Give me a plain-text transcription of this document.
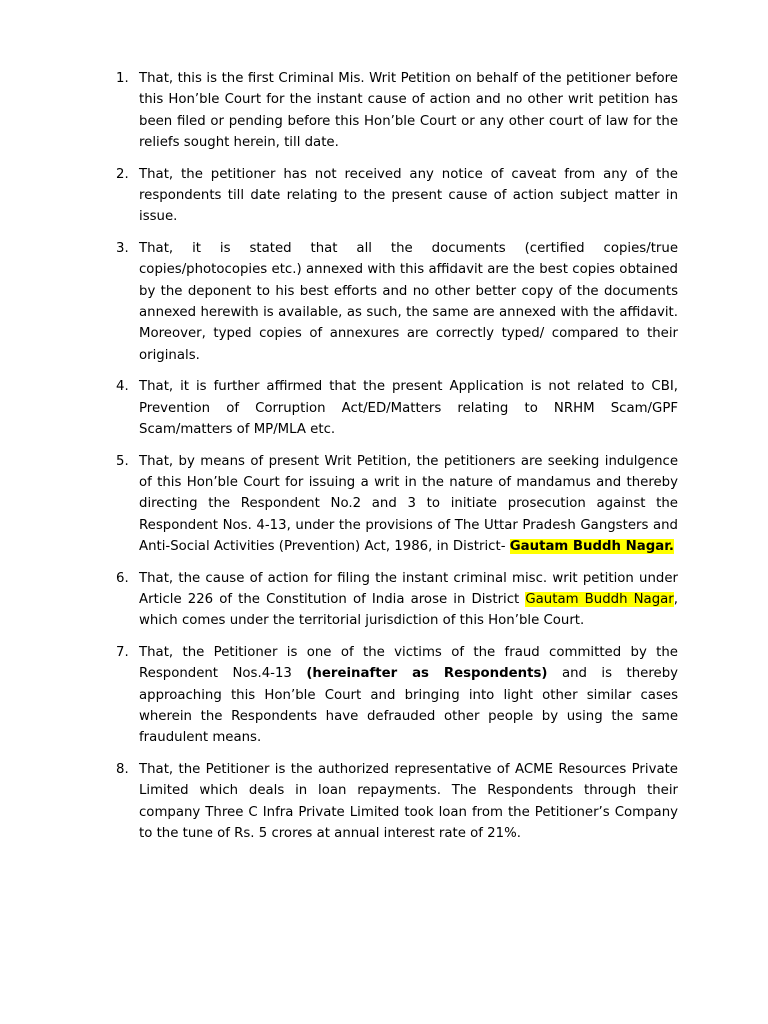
1. That, this is the first Criminal Mis. Writ Petition on behalf of the petitioner before this Hon’ble Court for the instant cause of action and no other writ petition has been filed or pending before this Hon’ble Court or any other court of law for the reliefs sought herein, till date.

2. That, the petitioner has not received any notice of caveat from any of the respondents till date relating to the present cause of action subject matter in issue.

3. That, it is stated that all the documents (certified copies/true copies/photocopies etc.) annexed with this affidavit are the best copies obtained by the deponent to his best efforts and no other better copy of the documents annexed herewith is available, as such, the same are annexed with the affidavit. Moreover, typed copies of annexures are correctly typed/ compared to their originals.

4. That, it is further affirmed that the present Application is not related to CBI, Prevention of Corruption Act/ED/Matters relating to NRHM Scam/GPF Scam/matters of MP/MLA etc.

5. That, by means of present Writ Petition, the petitioners are seeking indulgence of this Hon’ble Court for issuing a writ in the nature of mandamus and thereby directing the Respondent No.2 and 3 to initiate prosecution against the Respondent Nos. 4-13, under the provisions of The Uttar Pradesh Gangsters and Anti-Social Activities (Prevention) Act, 1986, in District- Gautam Buddh Nagar.

6. That, the cause of action for filing the instant criminal misc. writ petition under Article 226 of the Constitution of India arose in District Gautam Buddh Nagar, which comes under the territorial jurisdiction of this Hon’ble Court.

7. That, the Petitioner is one of the victims of the fraud committed by the Respondent Nos.4-13 (hereinafter as Respondents) and is thereby approaching this Hon’ble Court and bringing into light other similar cases wherein the Respondents have defrauded other people by using the same fraudulent means.

8. That, the Petitioner is the authorized representative of ACME Resources Private Limited which deals in loan repayments. The Respondents through their company Three C Infra Private Limited took loan from the Petitioner’s Company to the tune of Rs. 5 crores at annual interest rate of 21%.
